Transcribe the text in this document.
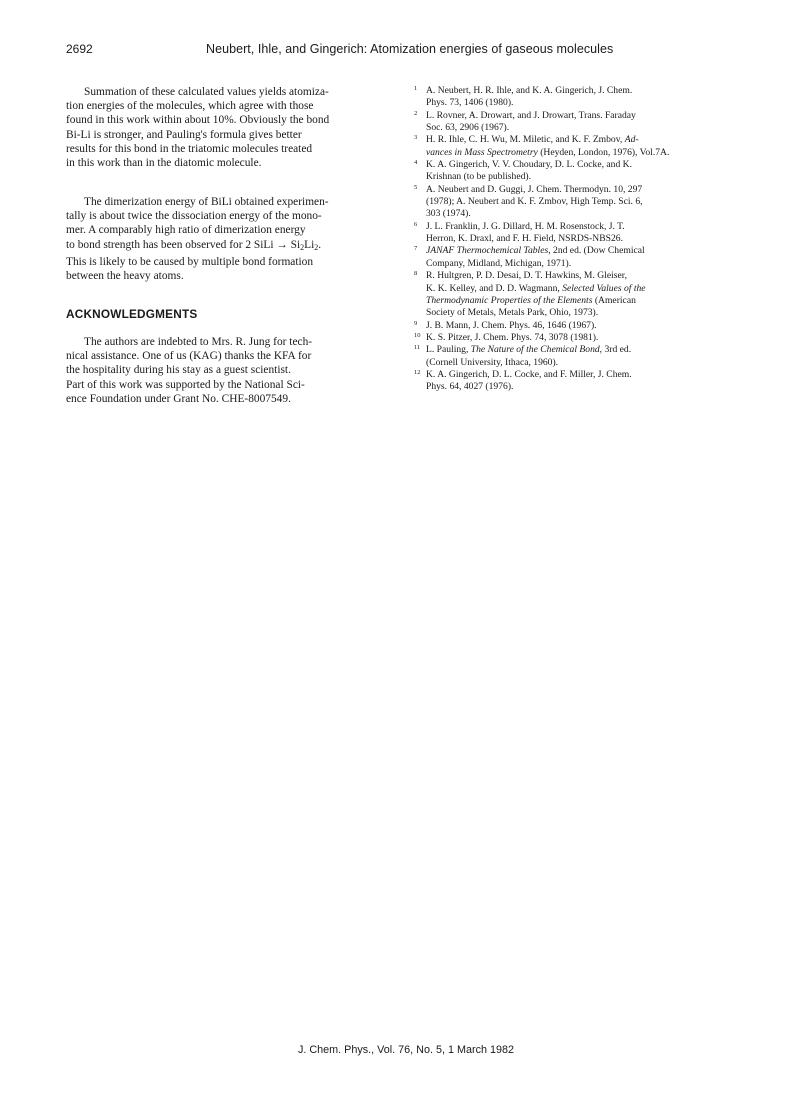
2692	Neubert, Ihle, and Gingerich: Atomization energies of gaseous molecules

Summation of these calculated values yields atomiza-
tion energies of the molecules, which agree with those
found in this work within about 10%. Obviously the bond
Bi-Li is stronger, and Pauling's formula gives better
results for this bond in the triatomic molecules treated
in this work than in the diatomic molecule.

The dimerization energy of BiLi obtained experimen-
tally is about twice the dissociation energy of the mono-
mer. A comparably high ratio of dimerization energy
to bond strength has been observed for 2 SiLi → $Si_2Li_2$.
This is likely to be caused by multiple bond formation
between the heavy atoms.

ACKNOWLEDGMENTS

The authors are indebted to Mrs. R. Jung for tech-
nical assistance. One of us (KAG) thanks the KFA for
the hospitality during his stay as a guest scientist.
Part of this work was supported by the National Sci-
ence Foundation under Grant No. CHE-8007549.

1 A. Neubert, H. R. Ihle, and K. A. Gingerich, J. Chem.
Phys. 73, 1406 (1980).
2 L. Rovner, A. Drowart, and J. Drowart, Trans. Faraday
Soc. 63, 2906 (1967).
3 H. R. Ihle, C. H. Wu, M. Miletic, and K. F. Zmbov, Ad-
vances in Mass Spectrometry (Heyden, London, 1976), Vol.7A.
4 K. A. Gingerich, V. V. Choudary, D. L. Cocke, and K.
Krishnan (to be published).
5 A. Neubert and D. Guggi, J. Chem. Thermodyn. 10, 297
(1978); A. Neubert and K. F. Zmbov, High Temp. Sci. 6,
303 (1974).
6 J. L. Franklin, J. G. Dillard, H. M. Rosenstock, J. T.
Herron, K. Draxl, and F. H. Field, NSRDS-NBS26.
7 JANAF Thermochemical Tables, 2nd ed. (Dow Chemical
Company, Midland, Michigan, 1971).
8 R. Hultgren, P. D. Desai, D. T. Hawkins, M. Gleiser,
K. K. Kelley, and D. D. Wagmann, Selected Values of the
Thermodynamic Properties of the Elements (American
Society of Metals, Metals Park, Ohio, 1973).
9 J. B. Mann, J. Chem. Phys. 46, 1646 (1967).
10 K. S. Pitzer, J. Chem. Phys. 74, 3078 (1981).
11 L. Pauling, The Nature of the Chemical Bond, 3rd ed.
(Cornell University, Ithaca, 1960).
12 K. A. Gingerich, D. L. Cocke, and F. Miller, J. Chem.
Phys. 64, 4027 (1976).
J. Chem. Phys., Vol. 76, No. 5, 1 March 1982
